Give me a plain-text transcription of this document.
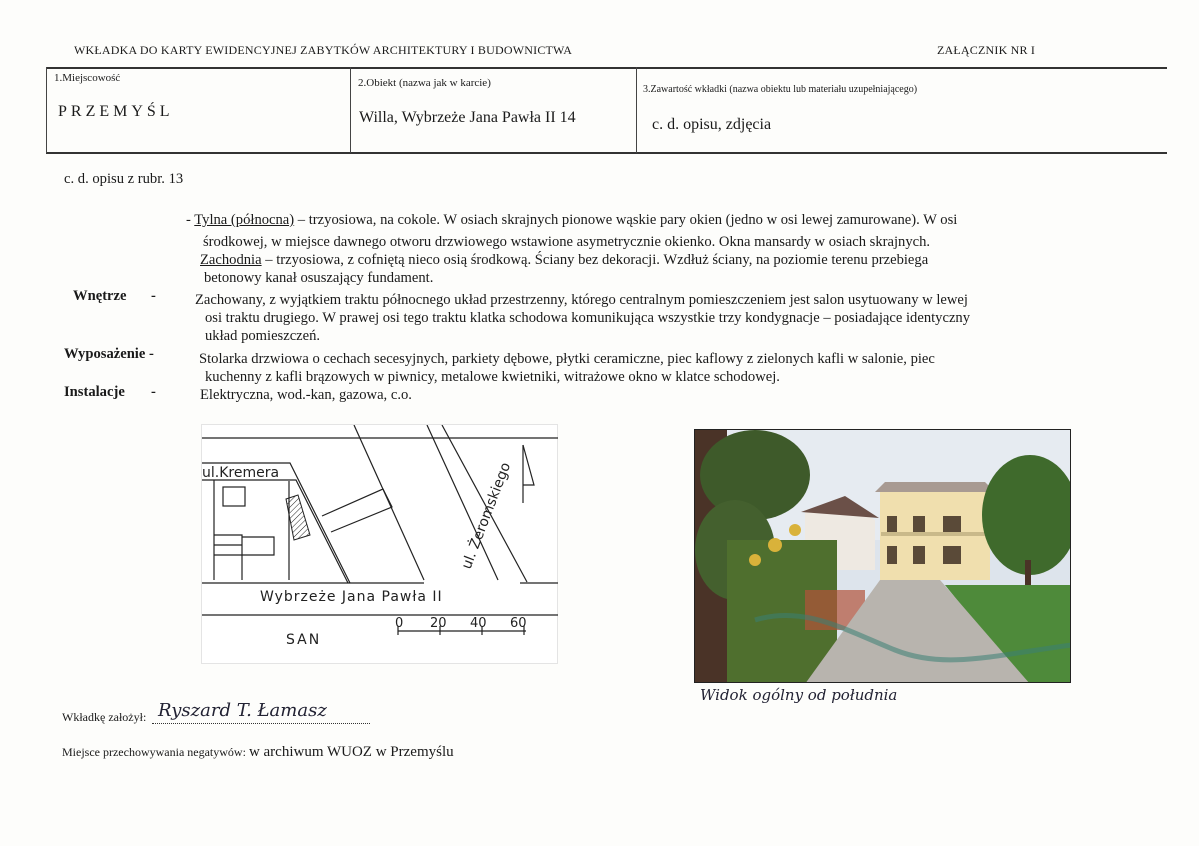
WKŁADKA DO KARTY EWIDENCYJNEJ ZABYTKÓW ARCHITEKTURY I BUDOWNICTWA	ZAŁĄCZNIK NR I
1.Miejscowość
PRZEMYŚL
2.Obiekt (nazwa jak w karcie)
Willa, Wybrzeże Jana Pawła II 14
3.Zawartość wkładki (nazwa obiektu lub materiału uzupełniającego)
c. d. opisu, zdjęcia
c. d. opisu z rubr. 13
- Tylna (północna) – trzyosiowa, na cokole. W osiach skrajnych pionowe wąskie pary okien (jedno w osi lewej zamurowane). W osi
środkowej, w miejsce dawnego otworu drzwiowego wstawione asymetrycznie okienko. Okna mansardy w osiach skrajnych.
Zachodnia – trzyosiowa, z cofniętą nieco osią środkową. Ściany bez dekoracji. Wzdłuż ściany, na poziomie terenu przebiega
betonowy kanał osuszający fundament.
Wnętrze -	Zachowany, z wyjątkiem traktu północnego układ przestrzenny, którego centralnym pomieszczeniem jest salon usytuowany w lewej
osi traktu drugiego. W prawej osi tego traktu klatka schodowa komunikująca wszystkie trzy kondygnacje – posiadające identyczny
układ pomieszczeń.
Wyposażenie -	Stolarka drzwiowa o cechach secesyjnych, parkiety dębowe, płytki ceramiczne, piec kaflowy z zielonych kafli w salonie, piec
kuchenny z kafli brązowych w piwnicy, metalowe kwietniki, witrażowe okno w klatce schodowej.
Instalacje -	Elektryczna, wod.-kan, gazowa, c.o.
ul.Kremera	ul. Żeromskiego
Wybrzeże Jana Pawła II
SAN
0 20 40 60
Widok ogólny od południa
Wkładkę założył: Ryszard T. Łamasz
Miejsce przechowywania negatywów: w archiwum WUOZ w Przemyślu
